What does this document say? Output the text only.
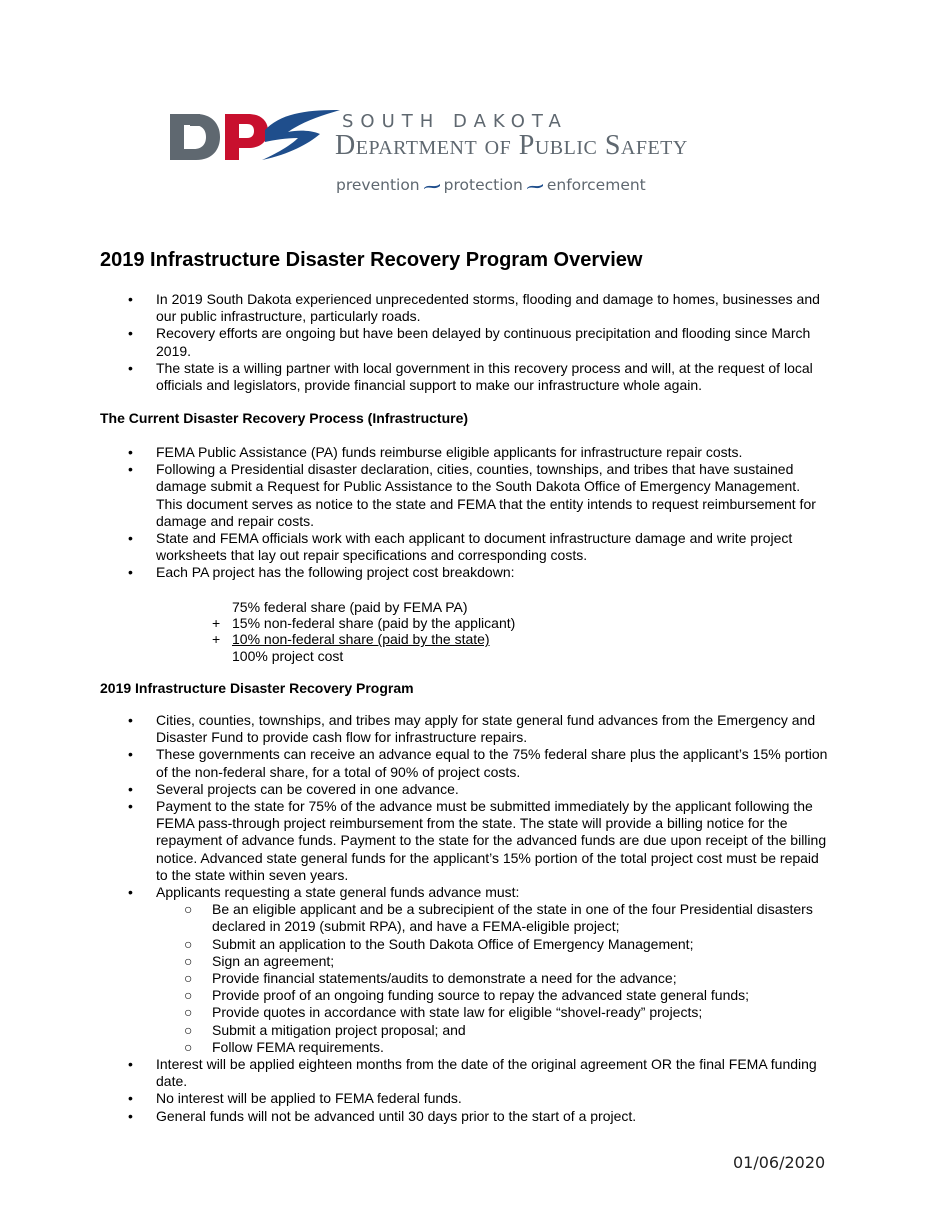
SOUTH DAKOTA
Department of Public Safety
prevention protection enforcement
2019 Infrastructure Disaster Recovery Program Overview
• In 2019 South Dakota experienced unprecedented storms, flooding and damage to homes, businesses and our public infrastructure, particularly roads.
• Recovery efforts are ongoing but have been delayed by continuous precipitation and flooding since March 2019.
• The state is a willing partner with local government in this recovery process and will, at the request of local officials and legislators, provide financial support to make our infrastructure whole again.
The Current Disaster Recovery Process (Infrastructure)
• FEMA Public Assistance (PA) funds reimburse eligible applicants for infrastructure repair costs.
• Following a Presidential disaster declaration, cities, counties, townships, and tribes that have sustained damage submit a Request for Public Assistance to the South Dakota Office of Emergency Management. This document serves as notice to the state and FEMA that the entity intends to request reimbursement for damage and repair costs.
• State and FEMA officials work with each applicant to document infrastructure damage and write project worksheets that lay out repair specifications and corresponding costs.
• Each PA project has the following project cost breakdown:
75% federal share (paid by FEMA PA)
+ 15% non-federal share (paid by the applicant)
+ 10% non-federal share (paid by the state)
100% project cost
2019 Infrastructure Disaster Recovery Program
• Cities, counties, townships, and tribes may apply for state general fund advances from the Emergency and Disaster Fund to provide cash flow for infrastructure repairs.
• These governments can receive an advance equal to the 75% federal share plus the applicant’s 15% portion of the non-federal share, for a total of 90% of project costs.
• Several projects can be covered in one advance.
• Payment to the state for 75% of the advance must be submitted immediately by the applicant following the FEMA pass-through project reimbursement from the state. The state will provide a billing notice for the repayment of advance funds. Payment to the state for the advanced funds are due upon receipt of the billing notice. Advanced state general funds for the applicant’s 15% portion of the total project cost must be repaid to the state within seven years.
• Applicants requesting a state general funds advance must:
○ Be an eligible applicant and be a subrecipient of the state in one of the four Presidential disasters declared in 2019 (submit RPA), and have a FEMA-eligible project;
○ Submit an application to the South Dakota Office of Emergency Management;
○ Sign an agreement;
○ Provide financial statements/audits to demonstrate a need for the advance;
○ Provide proof of an ongoing funding source to repay the advanced state general funds;
○ Provide quotes in accordance with state law for eligible “shovel-ready” projects;
○ Submit a mitigation project proposal; and
○ Follow FEMA requirements.
• Interest will be applied eighteen months from the date of the original agreement OR the final FEMA funding date.
• No interest will be applied to FEMA federal funds.
• General funds will not be advanced until 30 days prior to the start of a project.
01/06/2020
